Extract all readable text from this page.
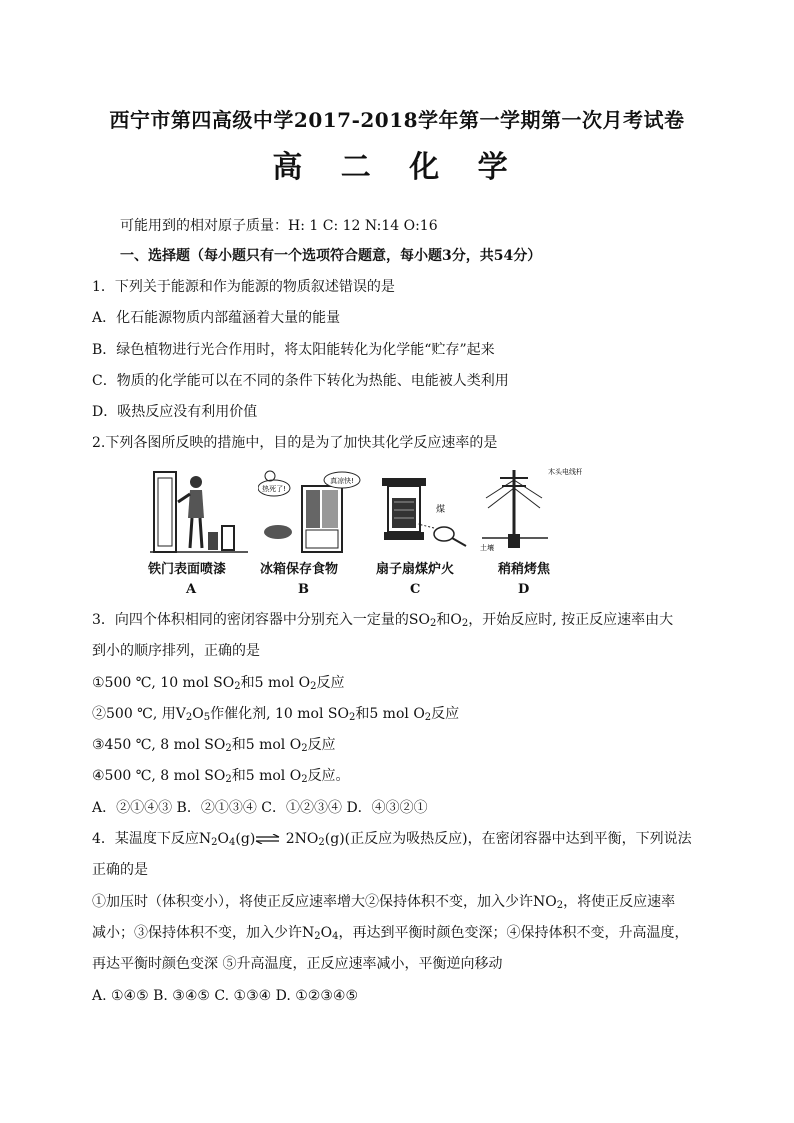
西宁市第四高级中学2017-2018学年第一学期第一次月考试卷
高 二 化 学
可能用到的相对原子质量：H: 1 C: 12 N:14 O:16
一、选择题（每小题只有一个选项符合题意，每小题3分，共54分）
1．下列关于能源和作为能源的物质叙述错误的是
A．化石能源物质内部蕴涵着大量的能量
B．绿色植物进行光合作用时，将太阳能转化为化学能“贮存”起来
C．物质的化学能可以在不同的条件下转化为热能、电能被人类利用
D．吸热反应没有利用价值
2.下列各图所反映的措施中，目的是为了加快其化学反应速率的是
热死了!
真凉快!
煤
木头电线杆
土壤
铁门表面喷漆	冰箱保存食物	扇子扇煤炉火	稍稍烤焦
A	B	C	D
3．向四个体积相同的密闭容器中分别充入一定量的$SO_2$和$O_2$，开始反应时, 按正反应速率由大
到小的顺序排列，正确的是
①500 ℃, 10 mol $SO_2$和5 mol $O_2$反应
②500 ℃, 用$V_2O_5$作催化剂, 10 mol $SO_2$和5 mol $O_2$反应
③450 ℃, 8 mol $SO_2$和5 mol $O_2$反应
④500 ℃, 8 mol $SO_2$和5 mol $O_2$反应。
A．②①④③ B．②①③④ C．①②③④ D．④③②①
4．某温度下反应$N_2O_4(g)\rightleftharpoons$ $2NO_2(g)$(正反应为吸热反应)，在密闭容器中达到平衡，下列说法
正确的是
①加压时（体积变小），将使正反应速率增大②保持体积不变，加入少许$NO_2$，将使正反应速率
减小；③保持体积不变，加入少许$N_2O_4$，再达到平衡时颜色变深；④保持体积不变，升高温度，
再达平衡时颜色变深 ⑤升高温度，正反应速率减小，平衡逆向移动
A. ①④⑤ B. ③④⑤ C. ①③④ D. ①②③④⑤
